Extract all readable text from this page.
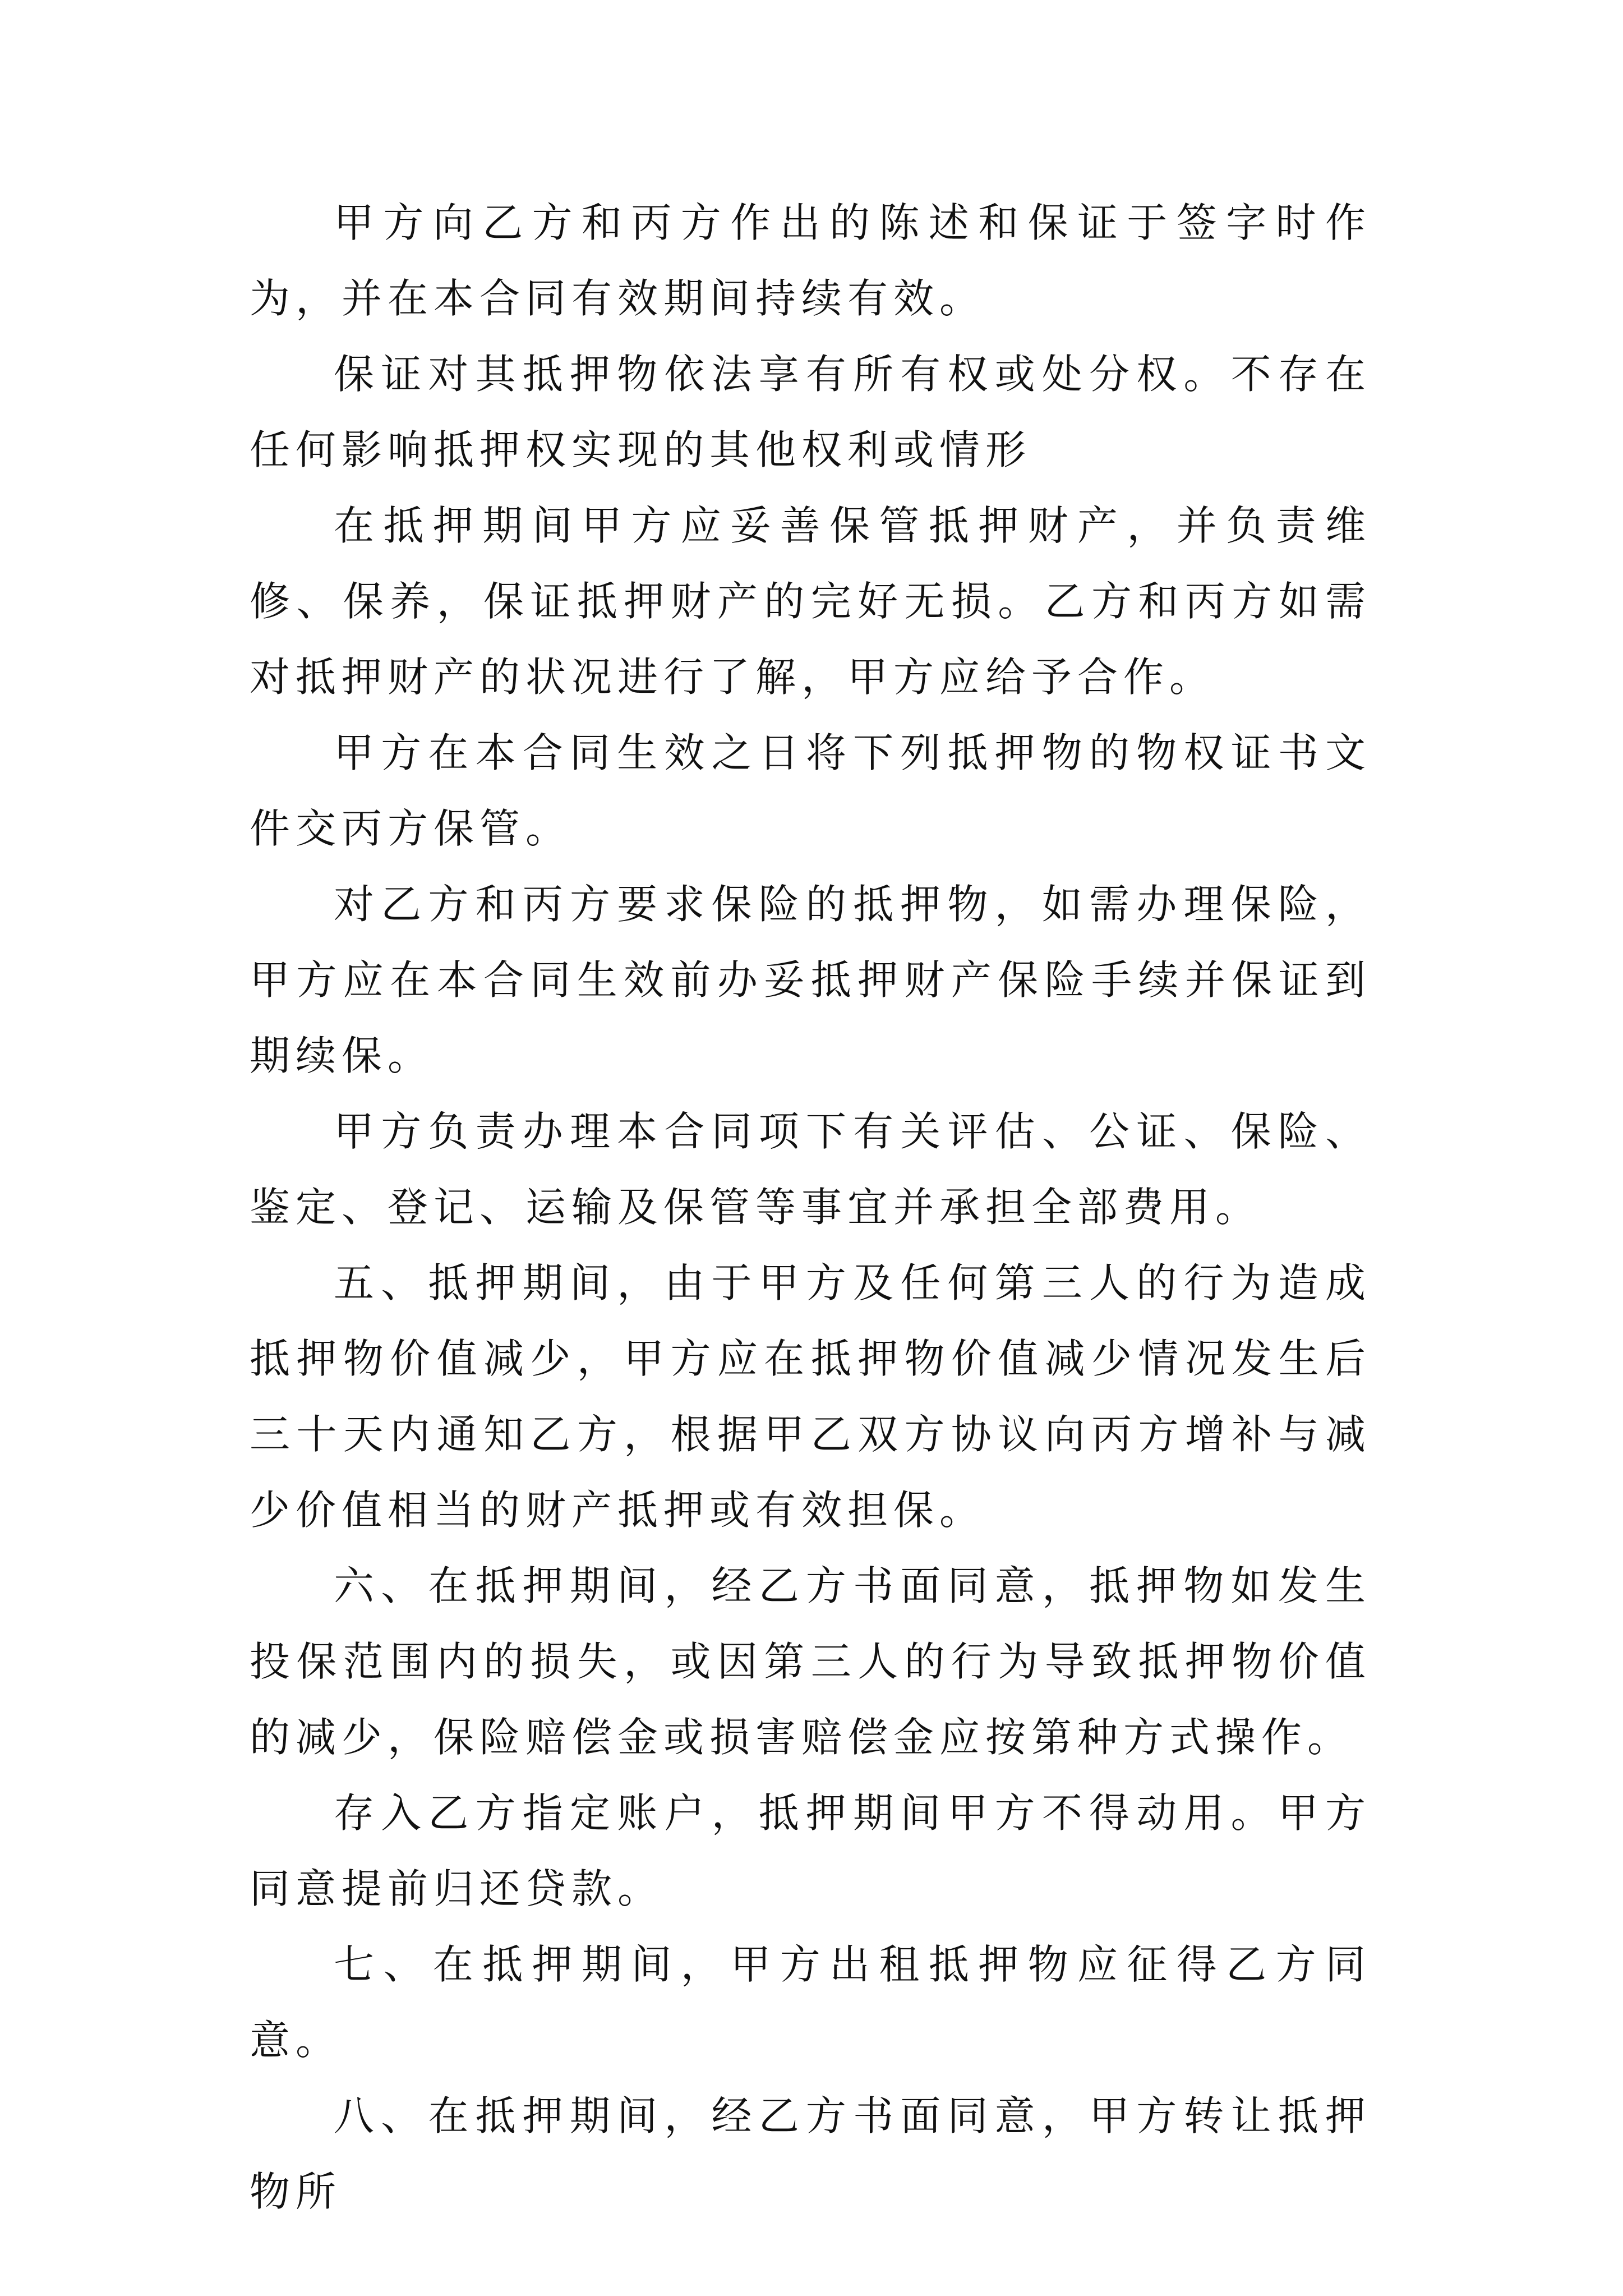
甲方向乙方和丙方作出的陈述和保证于签字时作为，并在本合同有效期间持续有效。

保证对其抵押物依法享有所有权或处分权。不存在任何影响抵押权实现的其他权利或情形

在抵押期间甲方应妥善保管抵押财产，并负责维修、保养，保证抵押财产的完好无损。乙方和丙方如需对抵押财产的状况进行了解，甲方应给予合作。

甲方在本合同生效之日将下列抵押物的物权证书文件交丙方保管。

对乙方和丙方要求保险的抵押物，如需办理保险，甲方应在本合同生效前办妥抵押财产保险手续并保证到期续保。

甲方负责办理本合同项下有关评估、公证、保险、鉴定、登记、运输及保管等事宜并承担全部费用。

五、抵押期间，由于甲方及任何第三人的行为造成抵押物价值减少，甲方应在抵押物价值减少情况发生后三十天内通知乙方，根据甲乙双方协议向丙方增补与减少价值相当的财产抵押或有效担保。

六、在抵押期间，经乙方书面同意，抵押物如发生投保范围内的损失，或因第三人的行为导致抵押物价值的减少，保险赔偿金或损害赔偿金应按第种方式操作。

存入乙方指定账户，抵押期间甲方不得动用。甲方同意提前归还贷款。

七、在抵押期间，甲方出租抵押物应征得乙方同意。

八、在抵押期间，经乙方书面同意，甲方转让抵押物所
